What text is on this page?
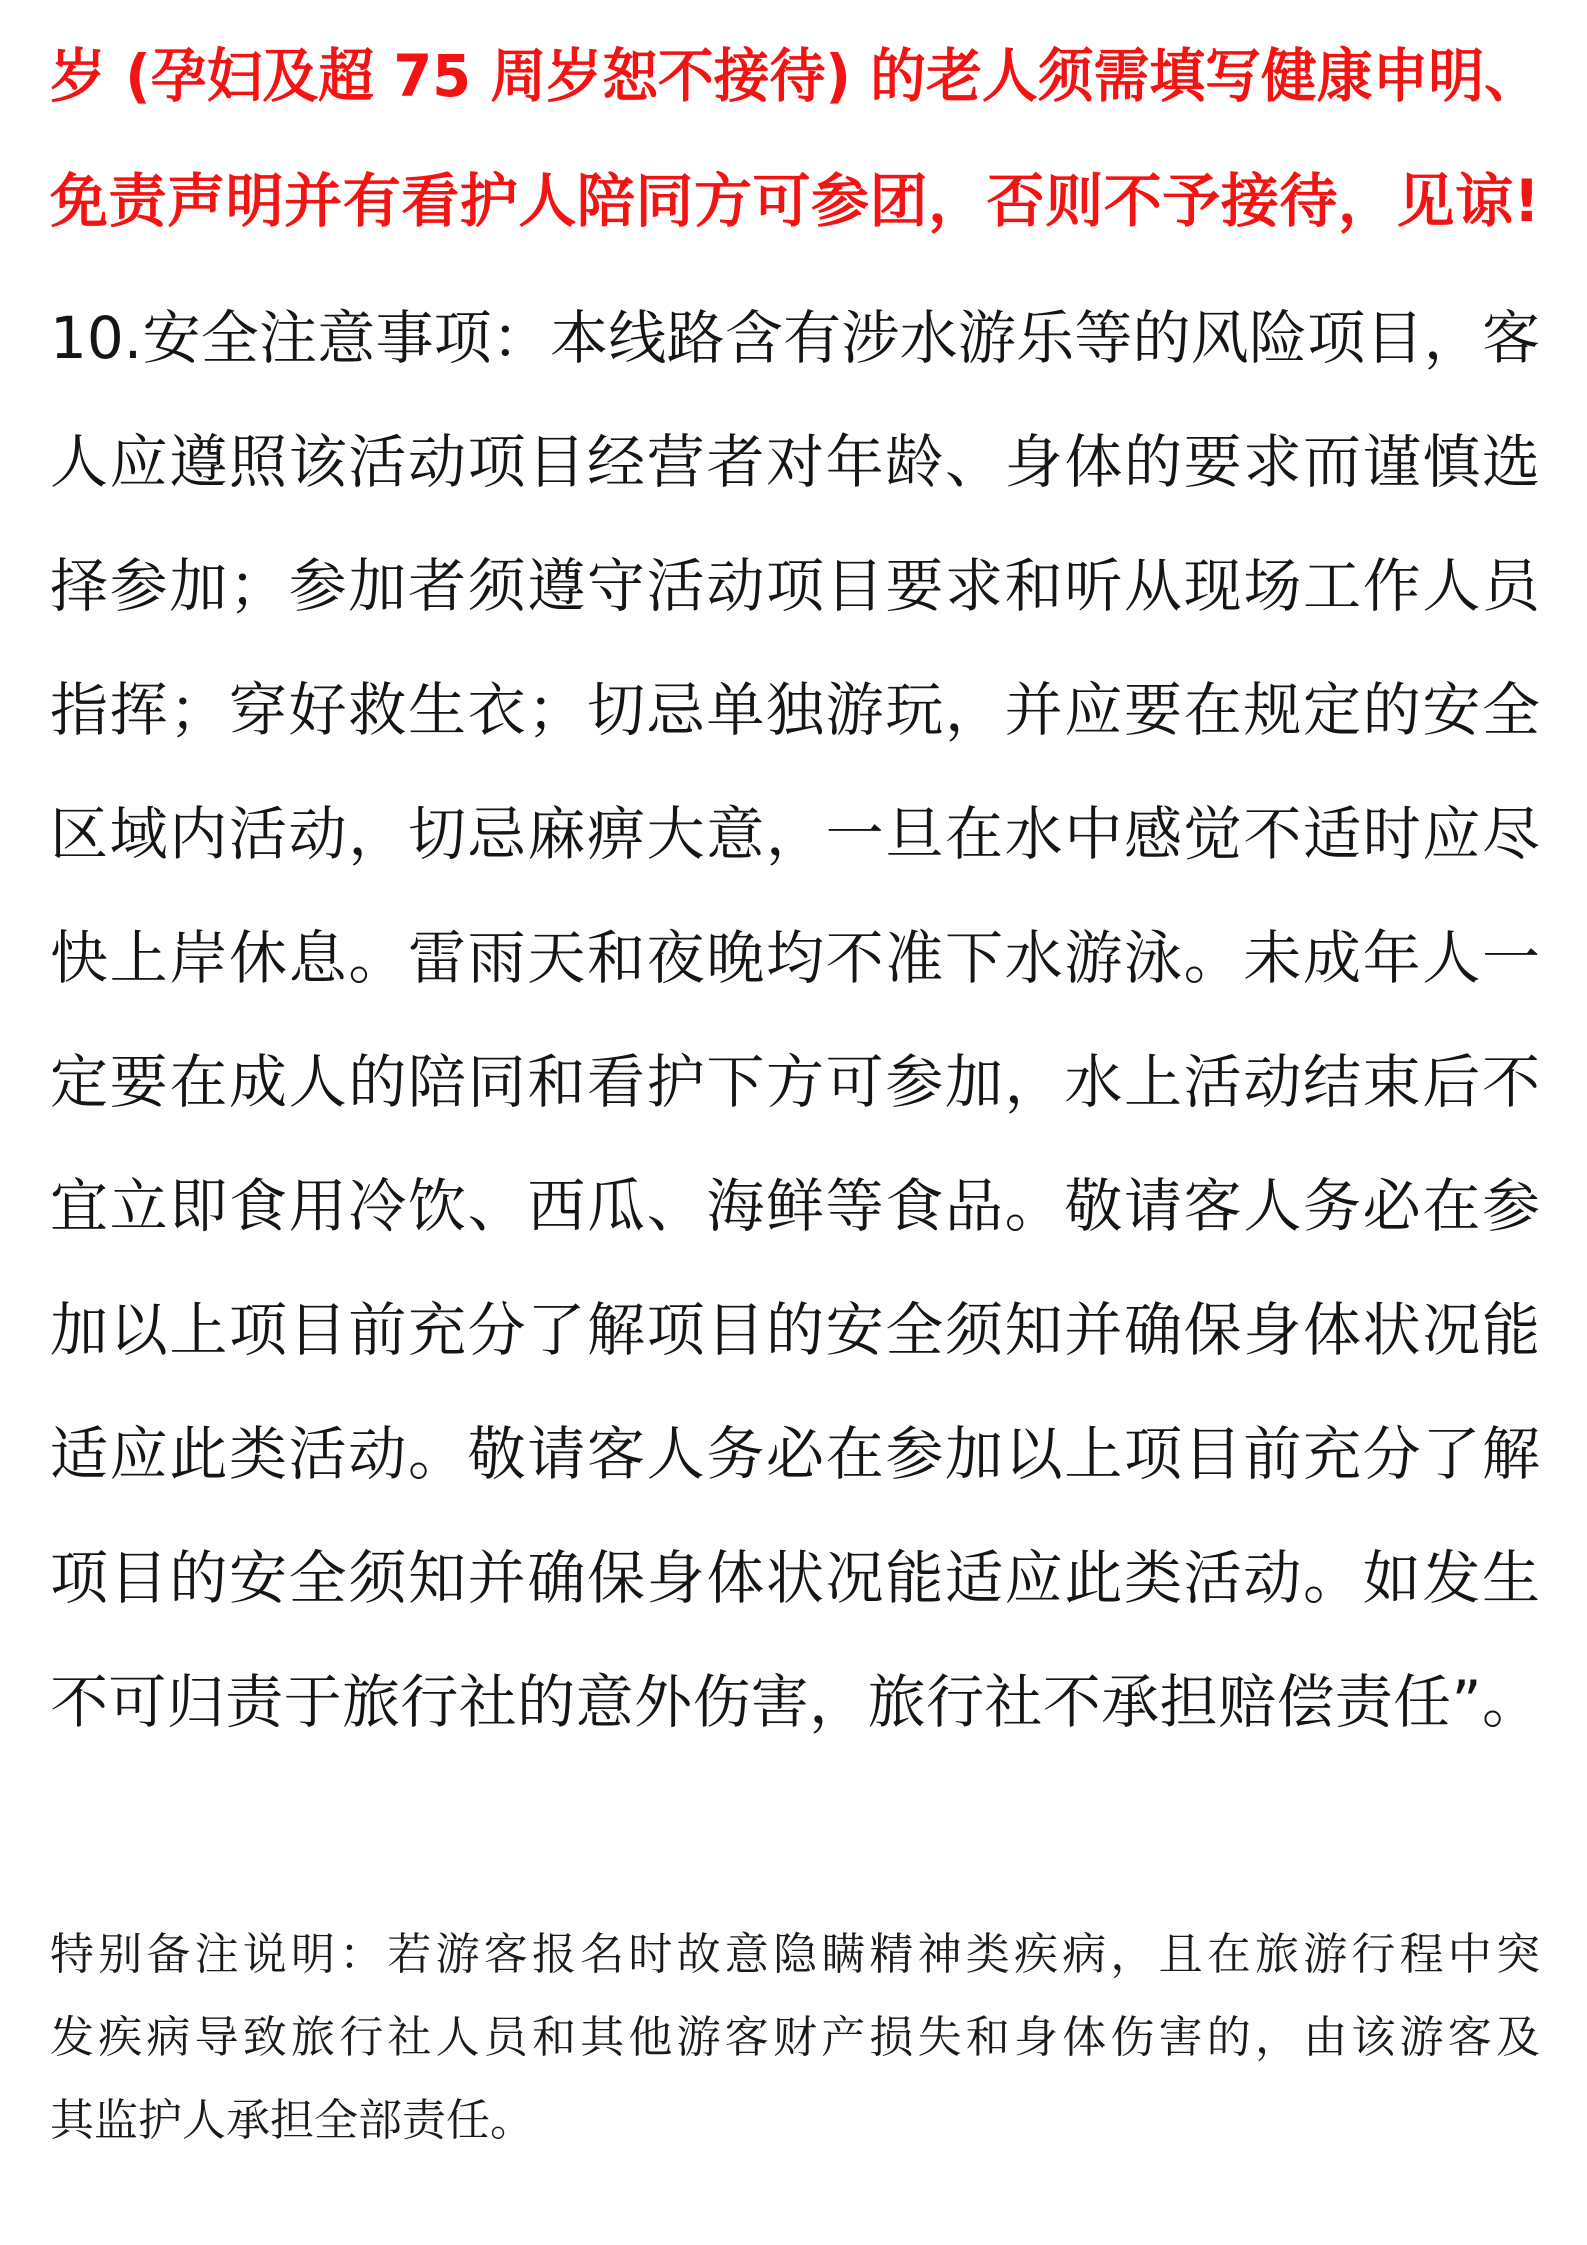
岁 (孕妇及超 75 周岁恕不接待) 的老人须需填写健康申明、
免责声明并有看护人陪同方可参团，否则不予接待，见谅!
10.安全注意事项：本线路含有涉水游乐等的风险项目，客
人应遵照该活动项目经营者对年龄、身体的要求而谨慎选
择参加；参加者须遵守活动项目要求和听从现场工作人员
指挥；穿好救生衣；切忌单独游玩，并应要在规定的安全
区域内活动，切忌麻痹大意，一旦在水中感觉不适时应尽
快上岸休息。雷雨天和夜晚均不准下水游泳。未成年人一
定要在成人的陪同和看护下方可参加，水上活动结束后不
宜立即食用冷饮、西瓜、海鲜等食品。敬请客人务必在参
加以上项目前充分了解项目的安全须知并确保身体状况能
适应此类活动。敬请客人务必在参加以上项目前充分了解
项目的安全须知并确保身体状况能适应此类活动。如发生
不可归责于旅行社的意外伤害，旅行社不承担赔偿责任”。
特别备注说明：若游客报名时故意隐瞒精神类疾病，且在旅游行程中突
发疾病导致旅行社人员和其他游客财产损失和身体伤害的，由该游客及
其监护人承担全部责任。
